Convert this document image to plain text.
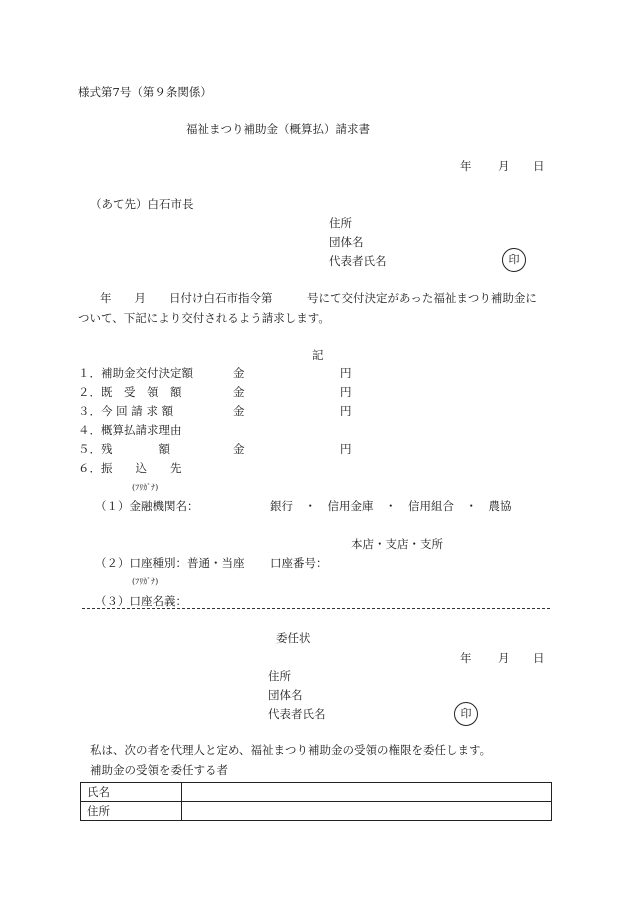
様式第7号（第９条関係）
福祉まつり補助金（概算払）請求書
年 月 日
（あて先）白石市長
住所
団体名
代表者氏名	印
年　　月　　日付け白石市指令第　　　号にて交付決定があった福祉まつり補助金に
ついて、下記により交付されるよう請求します。
記
１．補助金交付決定額	金	円
２．既　受　領　額	金	円
３．今 回 請 求 額	金	円
４．概算払請求理由
５．残　　　　額	金	円
６．振　　込　　先
(ﾌﾘｶﾞﾅ)
（１）金融機関名：	銀行　・　信用金庫　・　信用組合　・　農協
本店・支店・支所
（２）口座種別：普通・当座 口座番号：
(ﾌﾘｶﾞﾅ)
（３）口座名義：
委任状
年 月 日
住所
団体名
代表者氏名	印
私は、次の者を代理人と定め、福祉まつり補助金の受領の権限を委任します。
補助金の受領を委任する者
氏名	
住所	
